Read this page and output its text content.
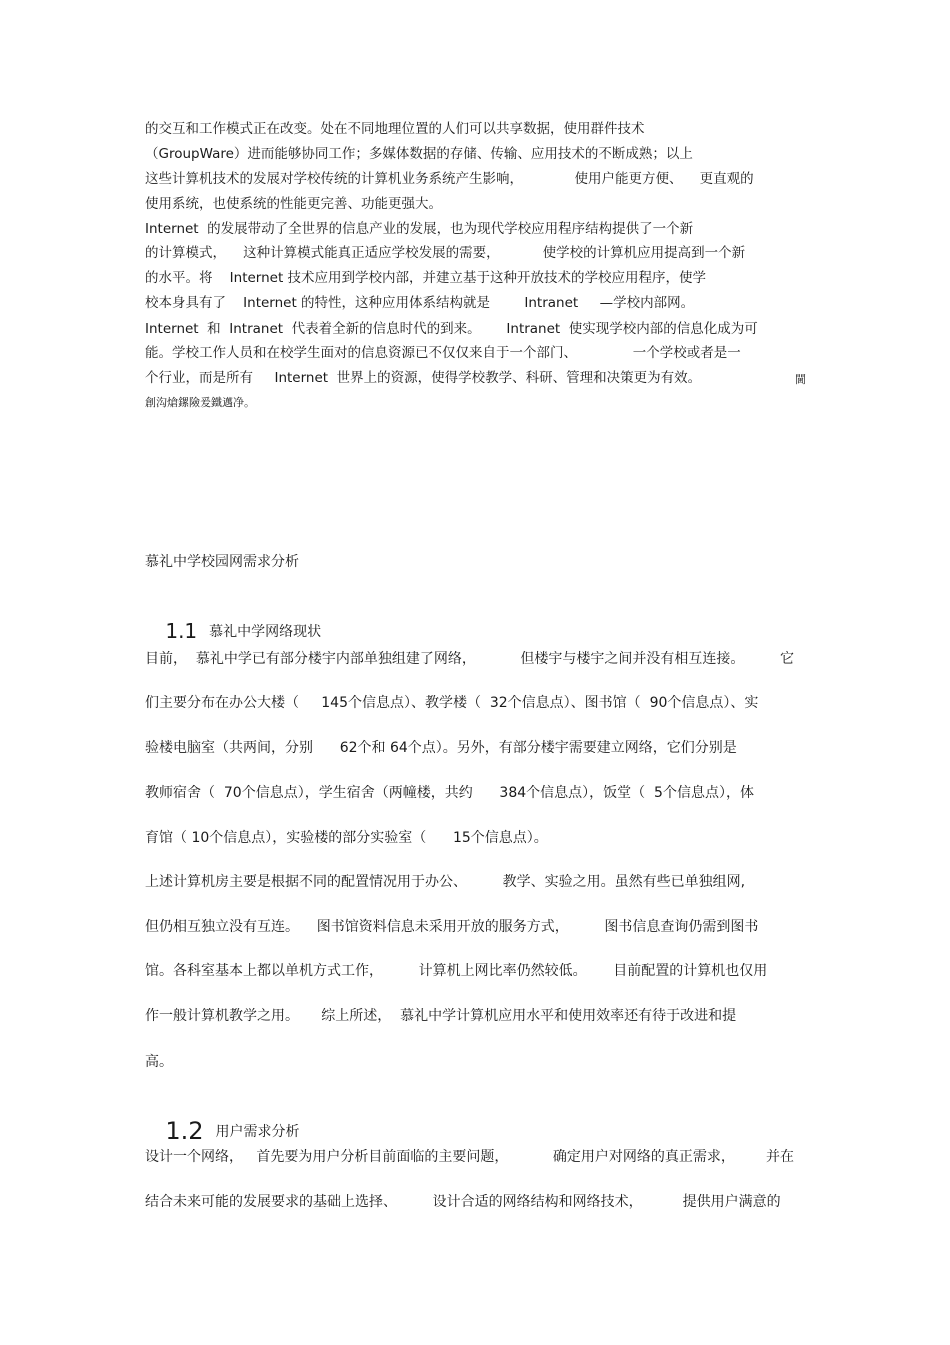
的交互和工作模式正在改变。处在不同地理位置的人们可以共享数据，使用群件技术
（GroupWare）进而能够协同工作；多媒体数据的存储、传输、应用技术的不断成熟；以上
这些计算机技术的发展对学校传统的计算机业务系统产生影响，            使用户能更方便、    更直观的
使用系统，也使系统的性能更完善、功能更强大。
Internet  的发展带动了全世界的信息产业的发展，也为现代学校应用程序结构提供了一个新
的计算模式，    这种计算模式能真正适应学校发展的需要，          使学校的计算机应用提高到一个新
的水平。将    Internet 技术应用到学校内部，并建立基于这种开放技术的学校应用程序，使学
校本身具有了    Internet 的特性，这种应用体系结构就是        Intranet     —学校内部网。
Internet  和  Intranet  代表着全新的信息时代的到来。      Intranet  使实现学校内部的信息化成为可
能。学校工作人员和在校学生面对的信息资源已不仅仅来自于一个部门、             一个学校或者是一
个行业，而是所有     Internet  世界上的资源，使得学校教学、科研、管理和决策更为有效。	閫
創沟熗鏍險爰鐵邁净。
慕礼中学校园网需求分析

1.1 慕礼中学网络现状

目前，  慕礼中学已有部分楼宇内部单独组建了网络，          但楼宇与楼宇之间并没有相互连接。        它
们主要分布在办公大楼（     145个信息点）、教学楼（  32个信息点）、图书馆（  90个信息点）、实
验楼电脑室（共两间，分别      62个和 64个点）。另外，有部分楼宇需要建立网络，它们分别是
教师宿舍（  70个信息点），学生宿舍（两幢楼，共约      384个信息点），饭堂（  5个信息点），体
育馆（ 10个信息点），实验楼的部分实验室（      15个信息点）。
上述计算机房主要是根据不同的配置情况用于办公、        教学、实验之用。虽然有些已单独组网,
但仍相互独立没有互连。    图书馆资料信息未采用开放的服务方式，        图书信息查询仍需到图书
馆。各科室基本上都以单机方式工作，        计算机上网比率仍然较低。      目前配置的计算机也仅用
作一般计算机教学之用。     综上所述，  慕礼中学计算机应用水平和使用效率还有待于改进和提
高。

1.2 用户需求分析

设计一个网络，   首先要为用户分析目前面临的主要问题，          确定用户对网络的真正需求，       并在
结合未来可能的发展要求的基础上选择、        设计合适的网络结构和网络技术，         提供用户满意的
